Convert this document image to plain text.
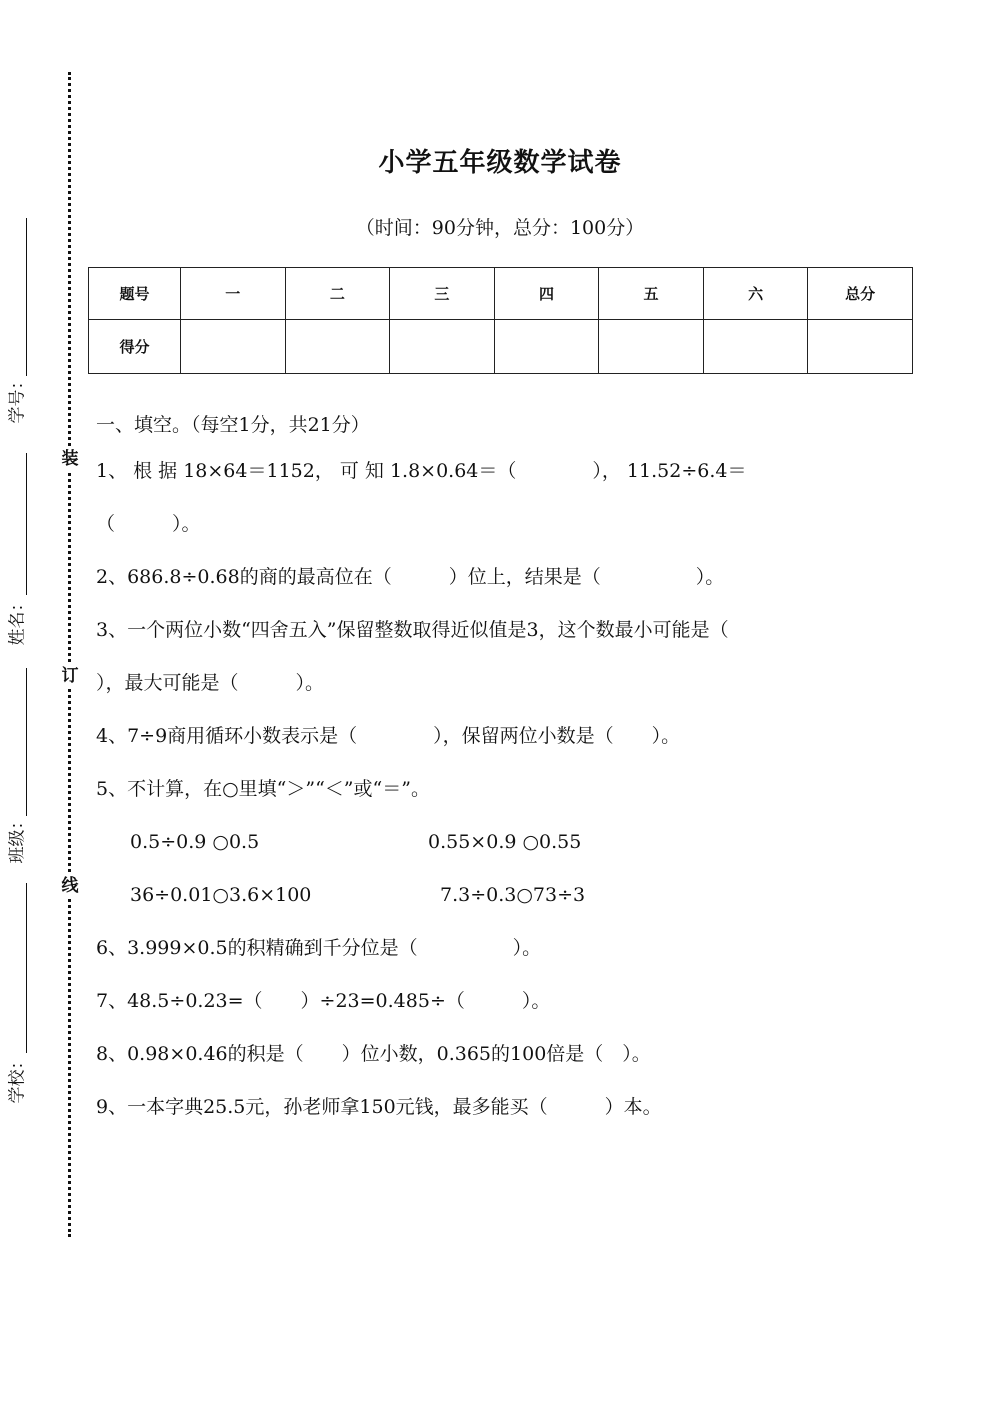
装
订
线
学号：
姓名：
班级：
学校：
小学五年级数学试卷
（时间：90分钟，总分：100分）
题号	一	二	三	四	五	六	总分
得分							
一、填空。（每空1分，共21分）
1、 根 据 18×64＝1152， 可 知 1.8×0.64＝（　　　　）， 11.52÷6.4＝
（　　　）。
2、686.8÷0.68的商的最高位在（　　　）位上，结果是（　　　　　）。
3、一个两位小数“四舍五入”保留整数取得近似值是3，这个数最小可能是（
），最大可能是（　　　）。
4、7÷9商用循环小数表示是（　　　　），保留两位小数是（　　）。
5、不计算，在○里填“＞”“＜”或“＝”。
0.5÷0.9 ○0.5	0.55×0.9 ○0.55
36÷0.01○3.6×100	7.3÷0.3○73÷3
6、3.999×0.5的积精确到千分位是（　　　　　）。
7、48.5÷0.23=（　　）÷23=0.485÷（　　　）。
8、0.98×0.46的积是（　　）位小数，0.365的100倍是（　）。
9、一本字典25.5元，孙老师拿150元钱，最多能买（　　　）本。
